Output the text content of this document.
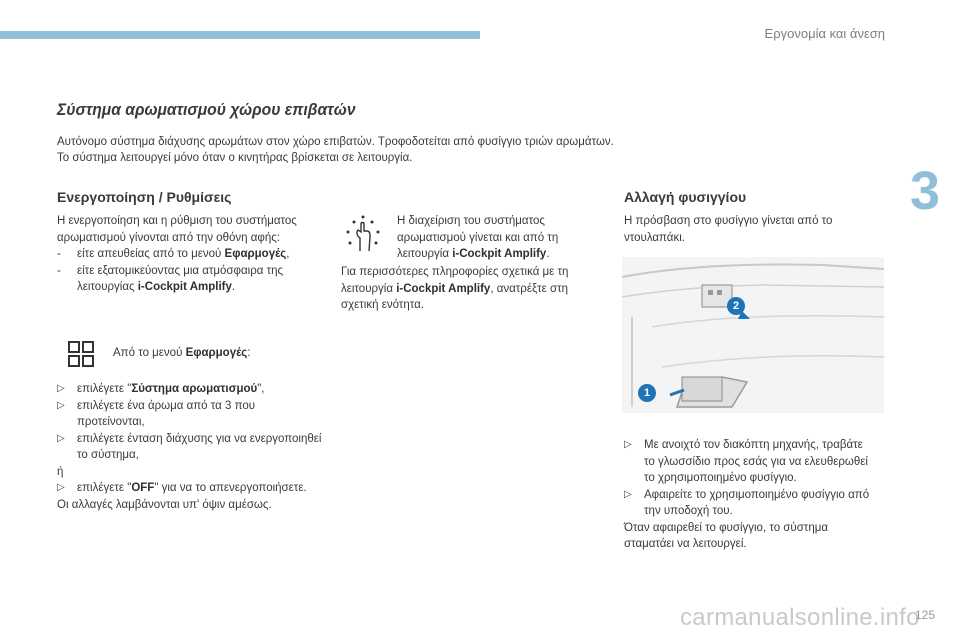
Εργονομία και άνεση
3
Σύστημα αρωματισμού χώρου επιβατών

Αυτόνομο σύστημα διάχυσης αρωμάτων στον χώρο επιβατών. Τροφοδοτείται από φυσίγγιο τριών αρωμάτων.

Το σύστημα λειτουργεί μόνο όταν ο κινητήρας βρίσκεται σε λειτουργία.

Ενεργοποίηση / Ρυθμίσεις

Η ενεργοποίηση και η ρύθμιση του συστήματος αρωματισμού γίνονται από την οθόνη αφής:

-	είτε απευθείας από το μενού Εφαρμογές,
-	είτε εξατομικεύοντας μια ατμόσφαιρα της λειτουργίας i-Cockpit Amplify.
Από το μενού Εφαρμογές:
▷	επιλέγετε "Σύστημα αρωματισμού",
▷	επιλέγετε ένα άρωμα από τα 3 που προτείνονται,
▷	επιλέγετε ένταση διάχυσης για να ενεργοποιηθεί το σύστημα,

ή

▷	επιλέγετε "OFF" για να το απενεργοποιήσετε.

Οι αλλαγές λαμβάνονται υπ' όψιν αμέσως.

Η διαχείριση του συστήματος αρωματισμού γίνεται και από τη λειτουργία i-Cockpit Amplify.
Για περισσότερες πληροφορίες σχετικά με τη λειτουργία i-Cockpit Amplify, ανατρέξτε στη σχετική ενότητα.
Αλλαγή φυσιγγίου
Η πρόσβαση στο φυσίγγιο γίνεται από το ντουλαπάκι.
1
2
▷	Με ανοιχτό τον διακόπτη μηχανής, τραβάτε το γλωσσίδιο προς εσάς για να ελευθερωθεί το χρησιμοποιημένο φυσίγγιο.
▷	Αφαιρείτε το χρησιμοποιημένο φυσίγγιο από την υποδοχή του.

Όταν αφαιρεθεί το φυσίγγιο, το σύστημα σταματάει να λειτουργεί.

carmanualsonline.info
125
